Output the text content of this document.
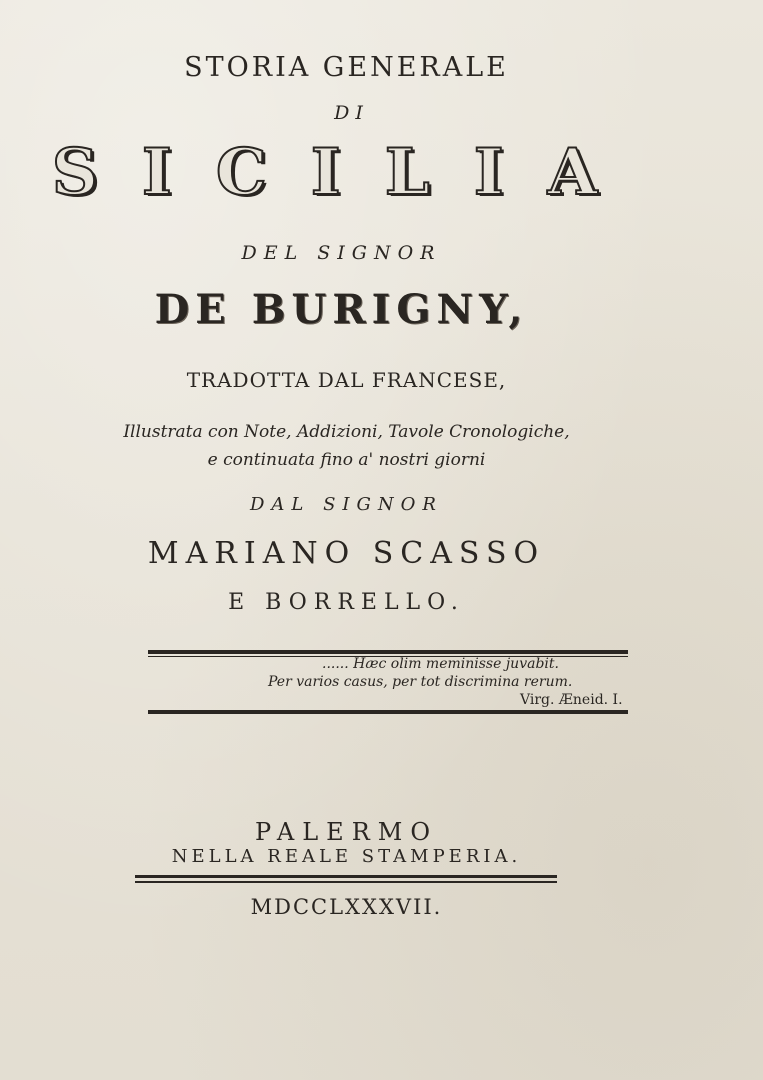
STORIA GENERALE
DI
SICILIA
DEL SIGNOR
DE BURIGNY,
TRADOTTA DAL FRANCESE,
Illustrata con Note, Addizioni, Tavole Cronologiche,
e continuata fino a' nostri giorni
DAL SIGNOR
MARIANO SCASSO
E BORRELLO.
...... Hæc olim meminisse juvabit.
Per varios casus, per tot discrimina rerum.
Virg. Æneid. I.
PALERMO
NELLA REALE STAMPERIA.
MDCCLXXXVII.
